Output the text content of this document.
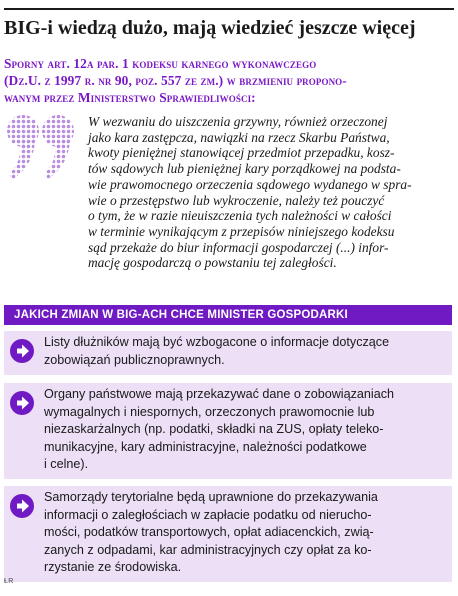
BIG-i wiedzą dużo, mają wiedzieć jeszcze więcej

Sporny art. 12a par. 1 kodeksu karnego wykonawczego
(Dz.U. z 1997 r. nr 90, poz. 557 ze zm.) w brzmieniu propono-
wanym przez Ministerstwo Sprawiedliwości:

W wezwaniu do uiszczenia grzywny, również orzeczonej
jako kara zastępcza, nawiązki na rzecz Skarbu Państwa,
kwoty pieniężnej stanowiącej przedmiot przepadku, kosz-
tów sądowych lub pieniężnej kary porządkowej na podsta-
wie prawomocnego orzeczenia sądowego wydanego w spra-
wie o przestępstwo lub wykroczenie, należy też pouczyć
o tym, że w razie nieuiszczenia tych należności w całości
w terminie wynikającym z przepisów niniejszego kodeksu
sąd przekaże do biur informacji gospodarczej (...) infor-
mację gospodarczą o powstaniu tej zaległości.

JAKICH ZMIAN W BIG-ACH CHCE MINISTER GOSPODARKI

Listy dłużników mają być wzbogacone o informacje dotyczące
zobowiązań publicznoprawnych.

Organy państwowe mają przekazywać dane o zobowiązaniach
wymagalnych i niespornych, orzeczonych prawomocnie lub
niezaskarżalnych (np. podatki, składki na ZUS, opłaty teleko-
munikacyjne, kary administracyjne, należności podatkowe
i celne).

Samorządy terytorialne będą uprawnione do przekazywania
informacji o zaległościach w zapłacie podatku od nierucho-
mości, podatków transportowych, opłat adiacenckich, zwią-
zanych z odpadami, kar administracyjnych czy opłat za ko-
rzystanie ze środowiska.

ŁR
